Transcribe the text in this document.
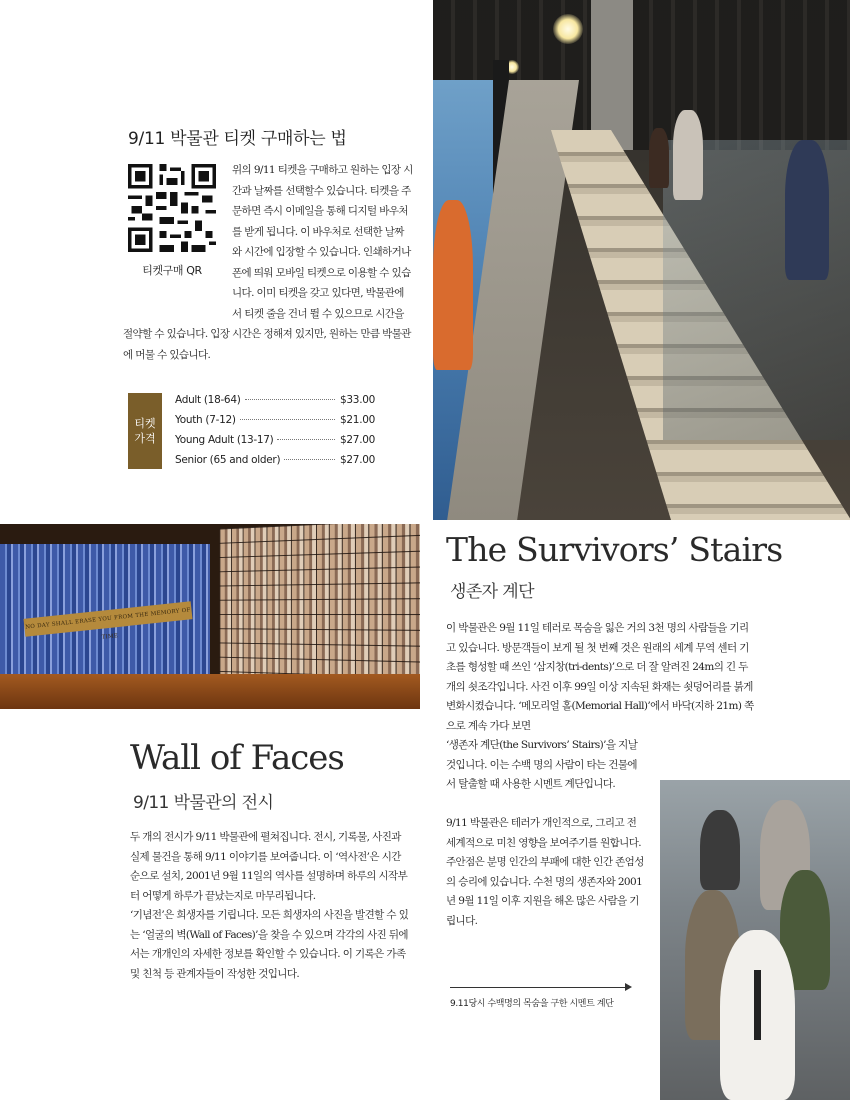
9/11 박물관 티켓 구매하는 법
티켓구매 QR
위의 9/11 티켓을 구매하고 원하는 입장 시간과 날짜를 선택할수 있습니다. 티켓을 주문하면 즉시 이메일을 통해 디지털 바우처를 받게 됩니다. 이 바우처로 선택한 날짜와 시간에 입장할 수 있습니다. 인쇄하거나 폰에 띄워 모바일 티켓으로 이용할 수 있습니다. 이미 티켓을 갖고 있다면, 박물관에서 티켓 줄을 건너 뛸 수 있으므로 시간을 절약할 수 있습니다. 입장 시간은 정해져 있지만, 원하는 만큼 박물관에 머물 수 있습니다.
티켓
가격
Adult (18-64)	$33.00
Youth (7-12)	$21.00
Young Adult (13-17)	$27.00
Senior (65 and older)	$27.00
NO DAY SHALL ERASE YOU FROM THE MEMORY OF TIME
The Survivors’ Stairs
생존자 계단

이 박물관은 9월 11일 테러로 목숨을 잃은 거의 3천 명의 사람들을 기리고 있습니다. 방문객들이 보게 될 첫 번째 것은 원래의 세계 무역 센터 기초를 형성할 때 쓰인 ‘삼지창(tri-dents)’으로 더 잘 알려진 24m의 긴 두 개의 쇳조각입니다. 사건 이후 99일 이상 지속된 화재는 쇳덩어리를 붉게 변화시켰습니다. ‘메모리얼 홀(Memorial Hall)’에서 바닥(지하 21m) 쪽으로 계속 가다 보면

‘생존자 계단(the Survivors’ Stairs)’을 지날 것입니다. 이는 수백 명의 사람이 타는 건물에서 탈출할 때 사용한 시멘트 계단입니다.

9/11 박물관은 테러가 개인적으로, 그리고 전 세계적으로 미친 영향을 보여주기를 원합니다. 주안점은 분명 인간의 부패에 대한 인간 존엄성의 승리에 있습니다. 수천 명의 생존자와 2001년 9월 11일 이후 지원을 해온 많은 사람을 기립니다.

9.11당시 수백명의 목숨을 구한 시멘트 계단
Wall of Faces
9/11 박물관의 전시

두 개의 전시가 9/11 박물관에 펼쳐집니다. 전시, 기록물, 사진과 실제 물건을 통해 9/11 이야기를 보여줍니다. 이 ‘역사전’은 시간순으로 설치, 2001년 9월 11일의 역사를 설명하며 하루의 시작부터 어떻게 하루가 끝났는지로 마무리됩니다.

‘기념전’은 희생자를 기립니다. 모든 희생자의 사진을 발견할 수 있는 ‘얼굴의 벽(Wall of Faces)’을 찾을 수 있으며 각각의 사진 뒤에서는 개개인의 자세한 정보를 확인할 수 있습니다. 이 기록은 가족 및 친척 등 관계자들이 작성한 것입니다.
